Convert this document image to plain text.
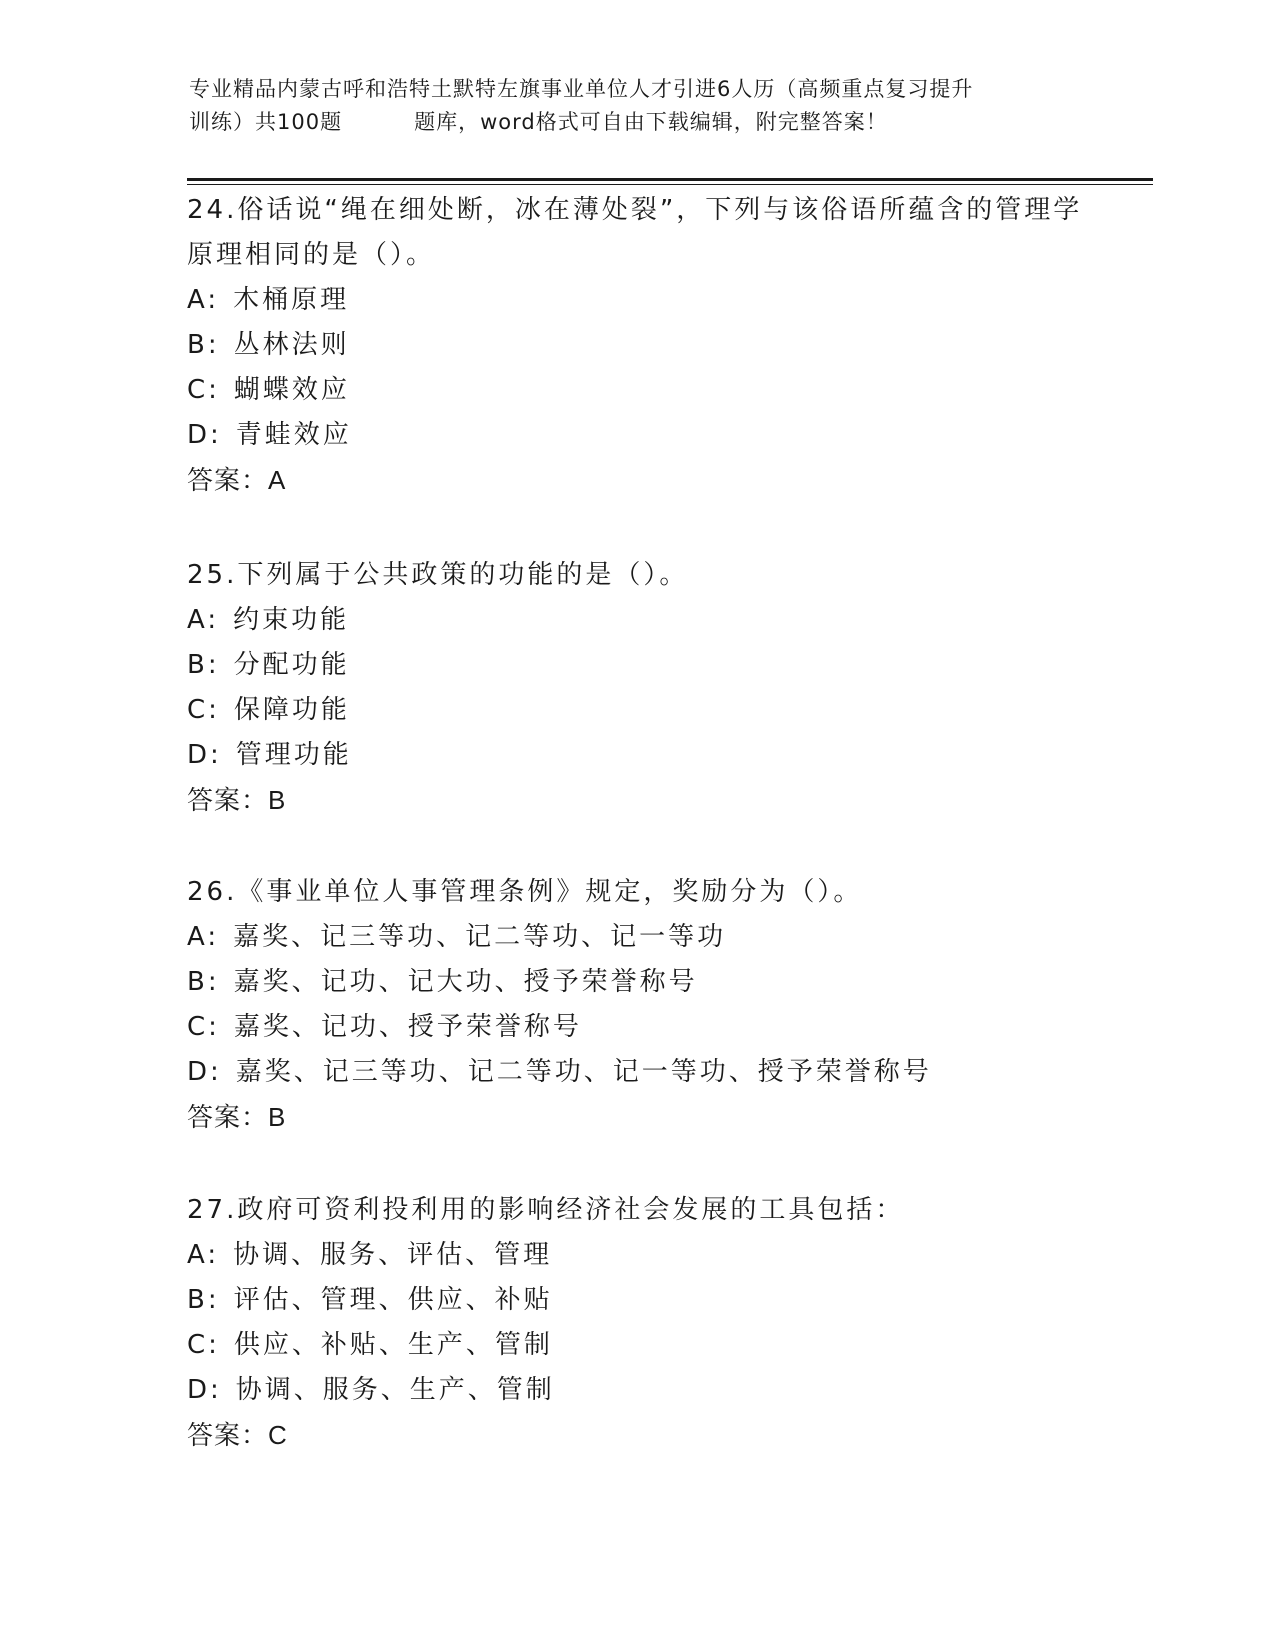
专业精品内蒙古呼和浩特土默特左旗事业单位人才引进6人历（高频重点复习提升
训练）共100题	题库，word格式可自由下载编辑，附完整答案！

24.俗话说“绳在细处断，冰在薄处裂”，下列与该俗语所蕴含的管理学原理相同的是（）。

A: 木桶原理

B: 丛林法则

C: 蝴蝶效应

D: 青蛙效应

答案：A

25.下列属于公共政策的功能的是（）。

A: 约束功能

B: 分配功能

C: 保障功能

D: 管理功能

答案：B

26.《事业单位人事管理条例》规定，奖励分为（）。

A: 嘉奖、记三等功、记二等功、记一等功

B: 嘉奖、记功、记大功、授予荣誉称号

C: 嘉奖、记功、授予荣誉称号

D: 嘉奖、记三等功、记二等功、记一等功、授予荣誉称号

答案：B

27.政府可资利投利用的影响经济社会发展的工具包括：

A: 协调、服务、评估、管理

B: 评估、管理、供应、补贴

C: 供应、补贴、生产、管制

D: 协调、服务、生产、管制

答案：C
